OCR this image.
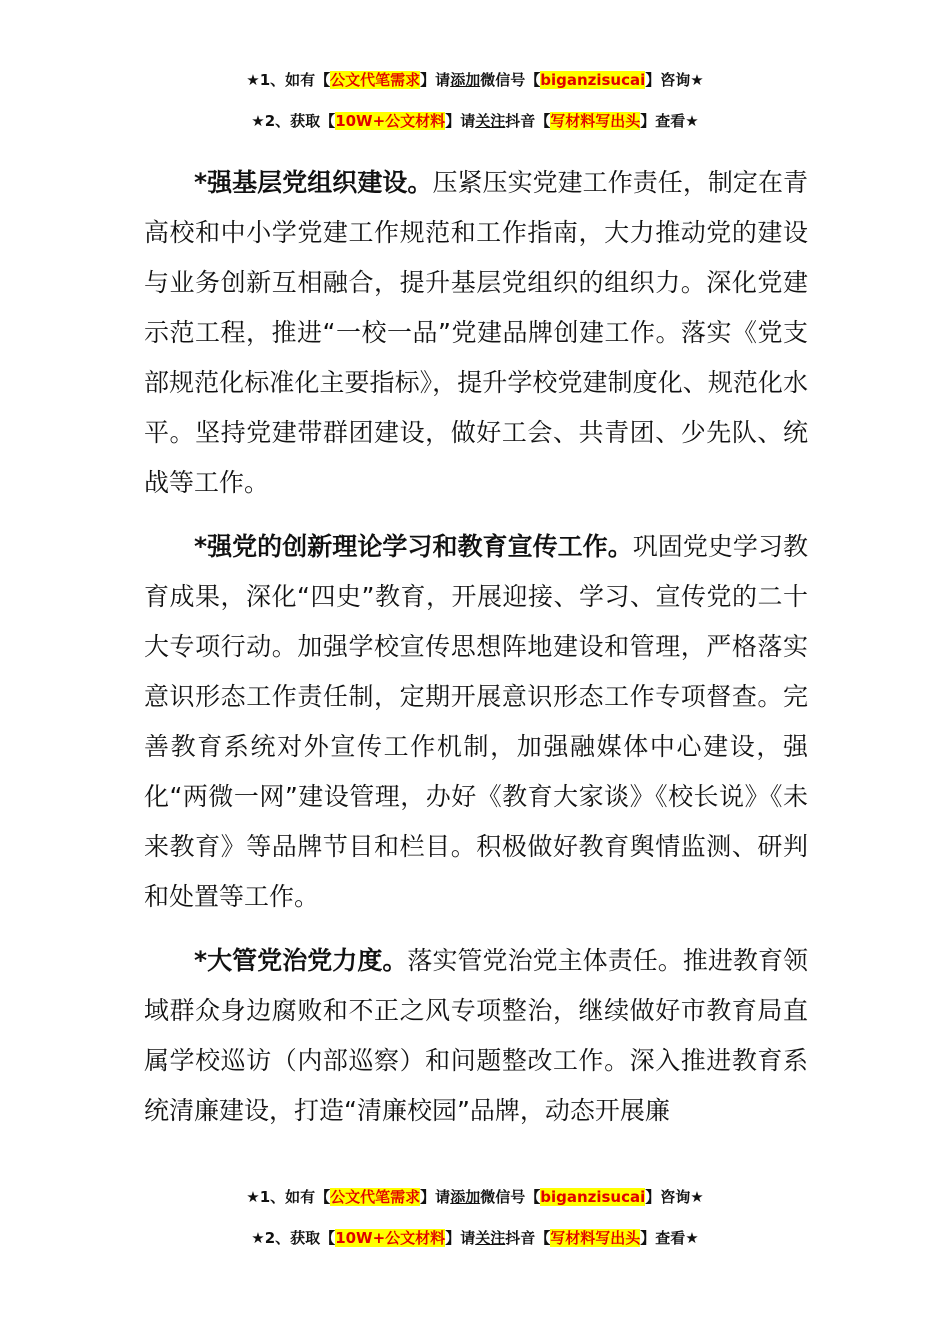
★1、如有【公文代笔需求】请添加微信号【biganzisucai】咨询★
★2、获取【10W+公文材料】请关注抖音【写材料写出头】查看★

*强基层党组织建设。压紧压实党建工作责任，制定在青高校和中小学党建工作规范和工作指南，大力推动党的建设与业务创新互相融合，提升基层党组织的组织力。深化党建示范工程，推进“一校一品”党建品牌创建工作。落实《党支部规范化标准化主要指标》，提升学校党建制度化、规范化水平。坚持党建带群团建设，做好工会、共青团、少先队、统战等工作。

*强党的创新理论学习和教育宣传工作。巩固党史学习教育成果，深化“四史”教育，开展迎接、学习、宣传党的二十大专项行动。加强学校宣传思想阵地建设和管理，严格落实意识形态工作责任制，定期开展意识形态工作专项督查。完善教育系统对外宣传工作机制，加强融媒体中心建设，强化“两微一网”建设管理，办好《教育大家谈》《校长说》《未来教育》等品牌节目和栏目。积极做好教育舆情监测、研判和处置等工作。

*大管党治党力度。落实管党治党主体责任。推进教育领域群众身边腐败和不正之风专项整治，继续做好市教育局直属学校巡访（内部巡察）和问题整改工作。深入推进教育系统清廉建设，打造“清廉校园”品牌，动态开展廉

★1、如有【公文代笔需求】请添加微信号【biganzisucai】咨询★
★2、获取【10W+公文材料】请关注抖音【写材料写出头】查看★
